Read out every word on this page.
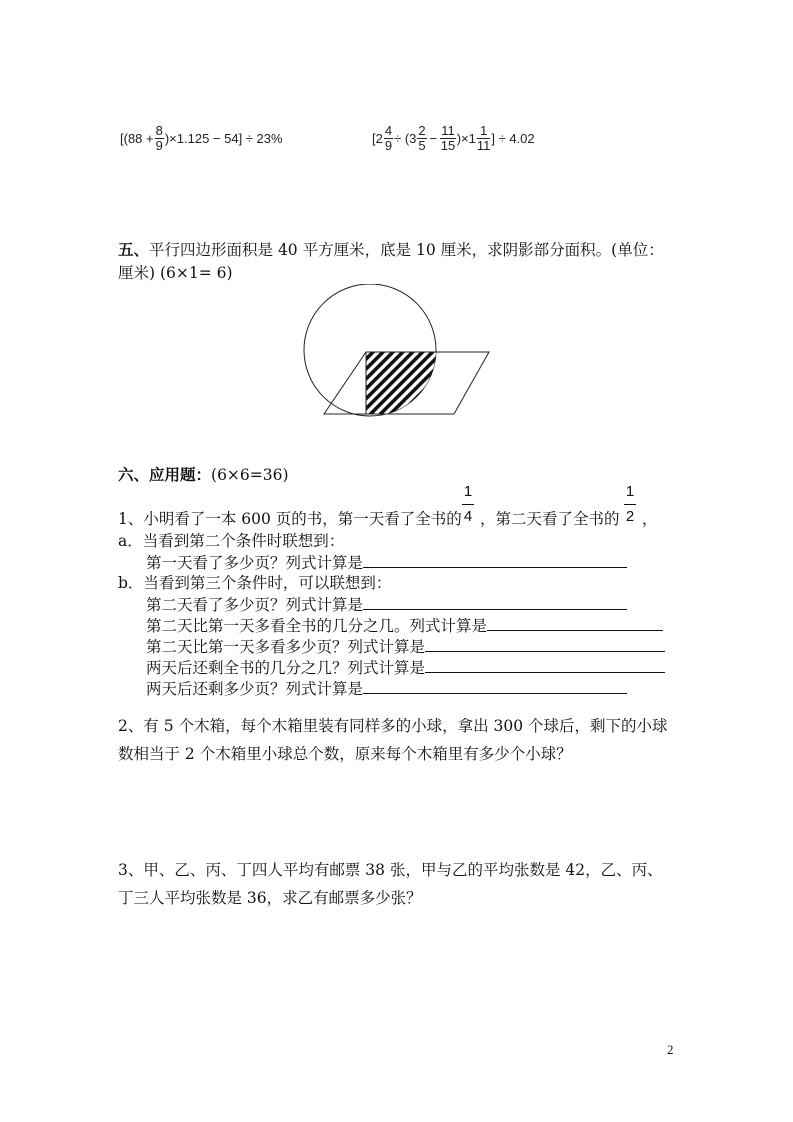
$[(88 + \frac{8}{9} )\times 1.125 - 54] \div 23\%$	[$2 \frac{4}{9} \div (3 \frac{2}{5} - \frac{11}{15} )\times 1 \frac{1}{11}$ ] ÷ 4.02
五、平行四边形面积是 40 平方厘米，底是 10 厘米，求阴影部分面积。(单位：
厘米) (6×1= 6)
六、应用题：(6×6=36)
1、小明看了一本 600 页的书，第一天看了全书的
1
4 ，第二天看了全书的
1
2 ，
a．当看到第二个条件时联想到：
第一天看了多少页？列式计算是
b．当看到第三个条件时，可以联想到：
第二天看了多少页？列式计算是
第二天比第一天多看全书的几分之几。列式计算是
第二天比第一天多看多少页？列式计算是
两天后还剩全书的几分之几？列式计算是
两天后还剩多少页？列式计算是
2、有 5 个木箱，每个木箱里装有同样多的小球，拿出 300 个球后，剩下的小球
数相当于 2 个木箱里小球总个数，原来每个木箱里有多少个小球？
3、甲、乙、丙、丁四人平均有邮票 38 张，甲与乙的平均张数是 42，乙、丙、
丁三人平均张数是 36，求乙有邮票多少张？
2
